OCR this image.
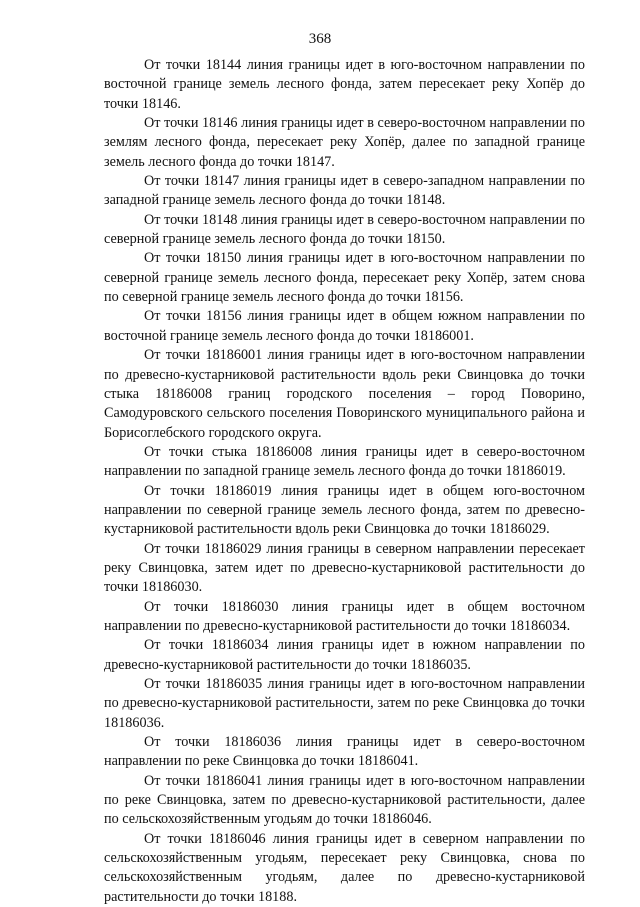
368

От точки 18144 линия границы идет в юго-восточном направлении по восточной границе земель лесного фонда, затем пересекает реку Хопёр до точки 18146.

От точки 18146 линия границы идет в северо-восточном направлении по землям лесного фонда, пересекает реку Хопёр, далее по западной границе земель лесного фонда до точки 18147.

От точки 18147 линия границы идет в северо-западном направлении по западной границе земель лесного фонда до точки 18148.

От точки 18148 линия границы идет в северо-восточном направлении по северной границе земель лесного фонда до точки 18150.

От точки 18150 линия границы идет в юго-восточном направлении по северной границе земель лесного фонда, пересекает реку Хопёр, затем снова по северной границе земель лесного фонда до точки 18156.

От точки 18156 линия границы идет в общем южном направлении по восточной границе земель лесного фонда до точки 18186001.

От точки 18186001 линия границы идет в юго-восточном направлении по древесно-кустарниковой растительности вдоль реки Свинцовка до точки стыка 18186008 границ городского поселения – город Поворино, Самодуровского сельского поселения Поворинского муниципального района и Борисоглебского городского округа.

От точки стыка 18186008 линия границы идет в северо-восточном направлении по западной границе земель лесного фонда до точки 18186019.

От точки 18186019 линия границы идет в общем юго-восточном направлении по северной границе земель лесного фонда, затем по древесно-кустарниковой растительности вдоль реки Свинцовка до точки 18186029.

От точки 18186029 линия границы в северном направлении пересекает реку Свинцовка, затем идет по древесно-кустарниковой растительности до точки 18186030.

От точки 18186030 линия границы идет в общем восточном направлении по древесно-кустарниковой растительности до точки 18186034.

От точки 18186034 линия границы идет в южном направлении по древесно-кустарниковой растительности до точки 18186035.

От точки 18186035 линия границы идет в юго-восточном направлении по древесно-кустарниковой растительности, затем по реке Свинцовка до точки 18186036.

От точки 18186036 линия границы идет в северо-восточном направлении по реке Свинцовка до точки 18186041.

От точки 18186041 линия границы идет в юго-восточном направлении по реке Свинцовка, затем по древесно-кустарниковой растительности, далее по сельскохозяйственным угодьям до точки 18186046.

От точки 18186046 линия границы идет в северном направлении по сельскохозяйственным угодьям, пересекает реку Свинцовка, снова по сельскохозяйственным угодьям, далее по древесно-кустарниковой растительности до точки 18188.
